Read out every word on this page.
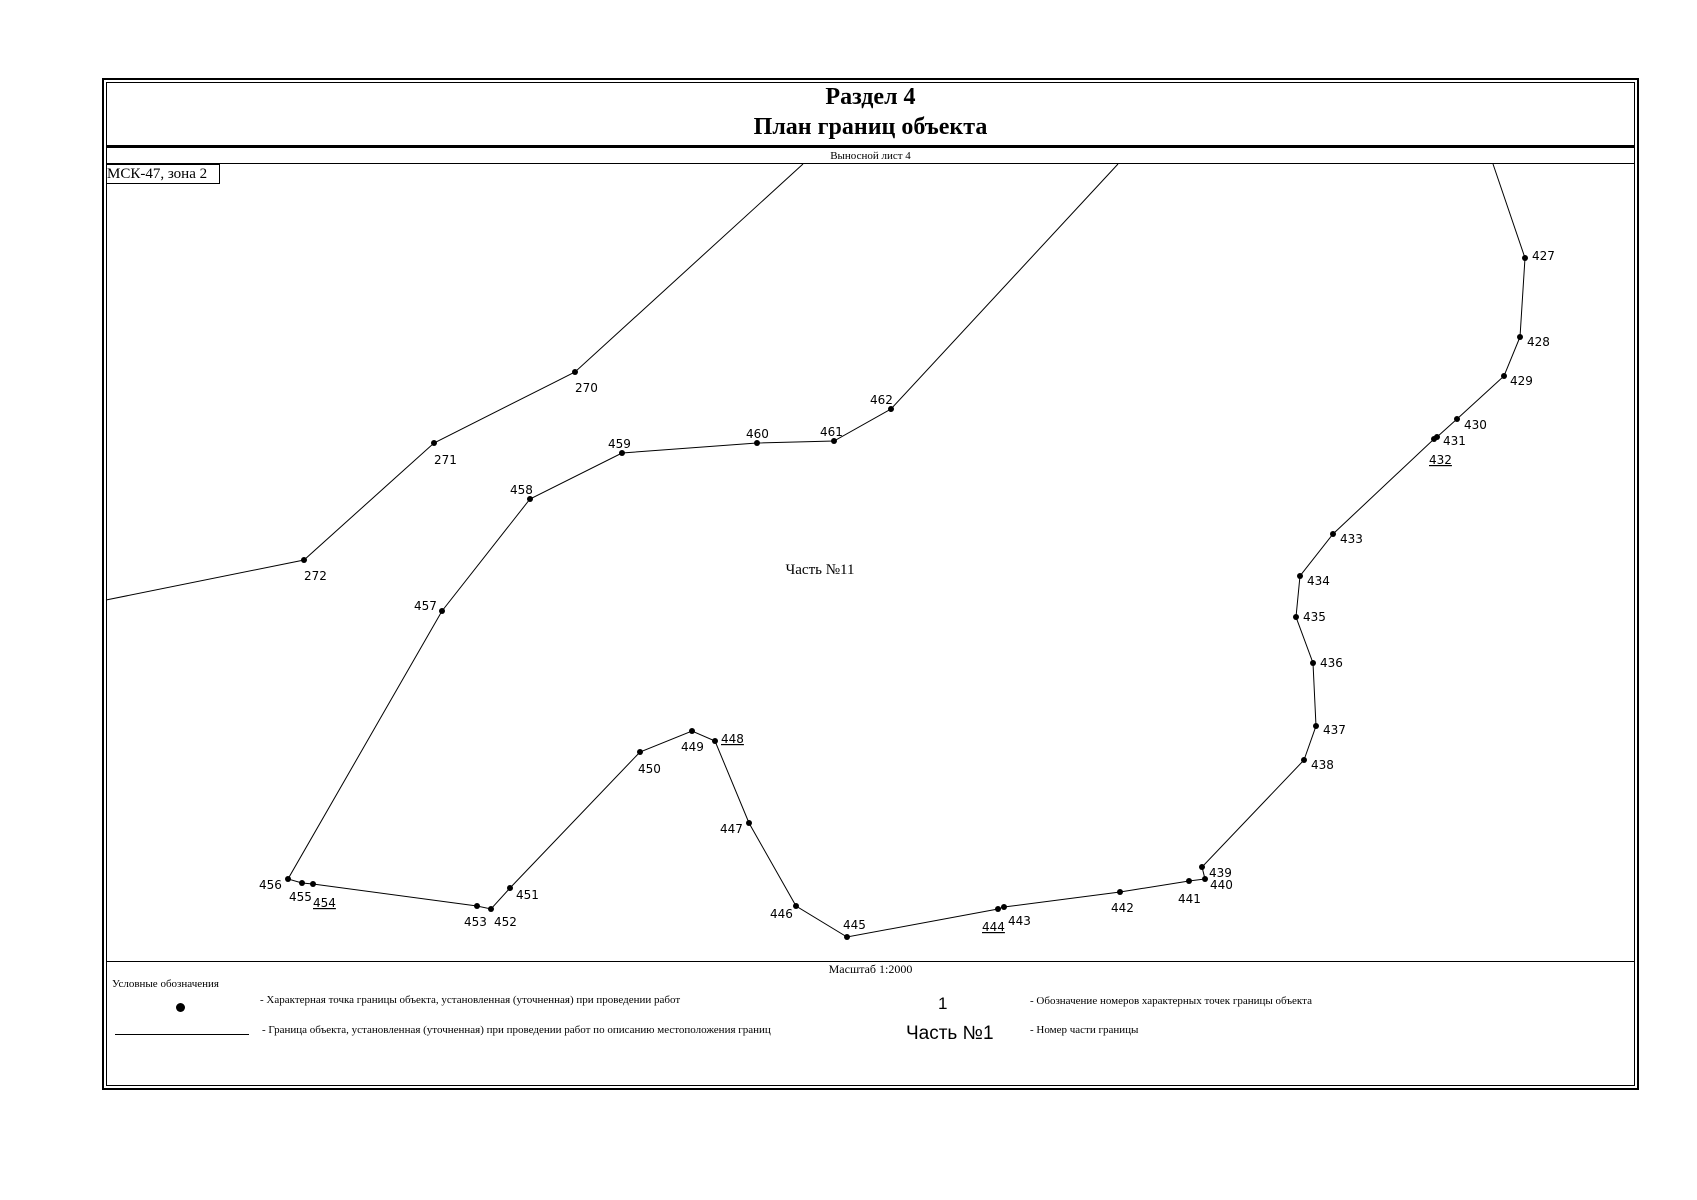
Раздел 4
План границ объекта
Выносной лист 4
270
271
272
462
461
460
459
458
457
456
455 454
453 452
451
450
449
448
447
446
445	444 443
442
441
440
439
438
437
436
435
434
433
432
431
430
429
428
427
Часть №11
МСК-47, зона 2
Масштаб 1:2000
Условные обозначения
- Характерная точка границы объекта, установленная (уточненная) при проведении работ
- Граница объекта, установленная (уточненная) при проведении работ по описанию местоположения границ
1	- Обозначение номеров характерных точек границы объекта
Часть №1	- Номер части границы
